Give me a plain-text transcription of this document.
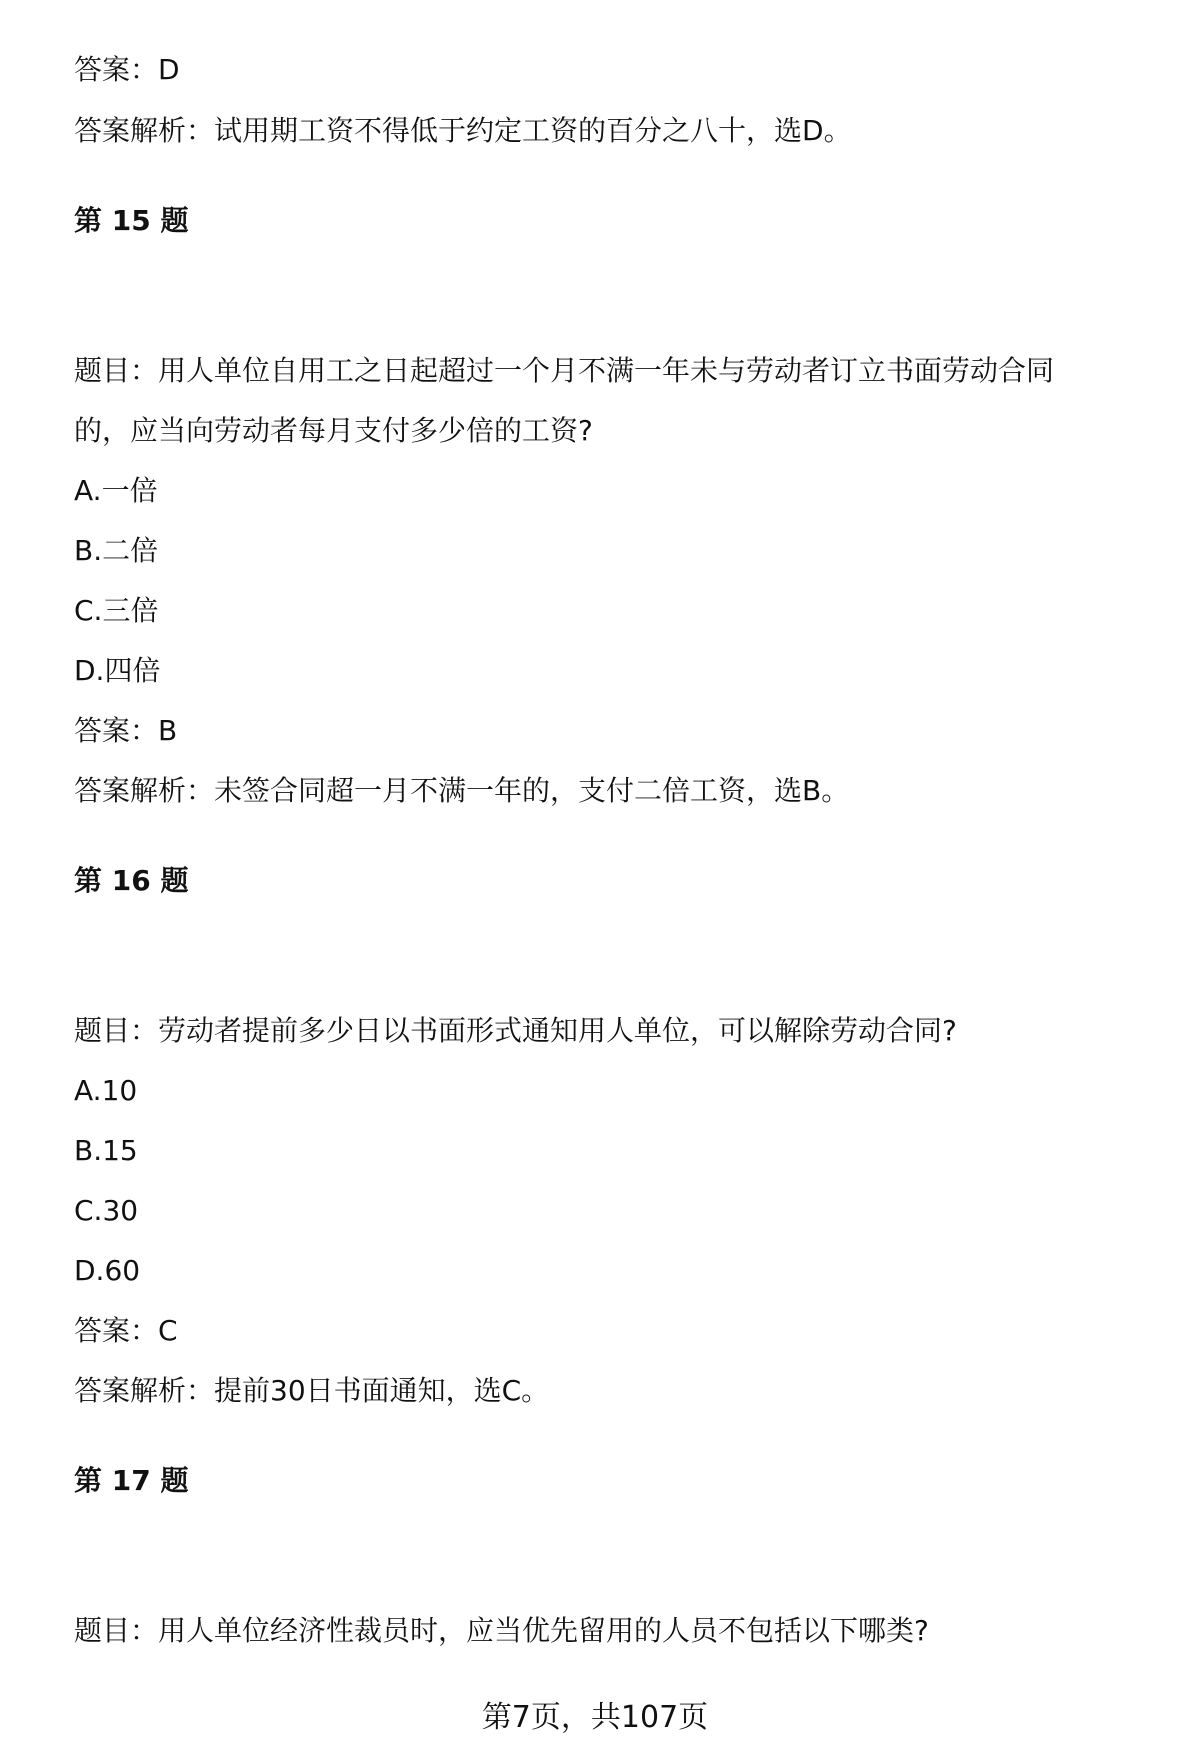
答案：D
答案解析：试用期工资不得低于约定工资的百分之八十，选D。
第 15 题
题目：用人单位自用工之日起超过一个月不满一年未与劳动者订立书面劳动合同
的，应当向劳动者每月支付多少倍的工资?
A.一倍
B.二倍
C.三倍
D.四倍
答案：B
答案解析：未签合同超一月不满一年的，支付二倍工资，选B。
第 16 题
题目：劳动者提前多少日以书面形式通知用人单位，可以解除劳动合同?
A.10
B.15
C.30
D.60
答案：C
答案解析：提前30日书面通知，选C。
第 17 题
题目：用人单位经济性裁员时，应当优先留用的人员不包括以下哪类?
第7页，共107页
